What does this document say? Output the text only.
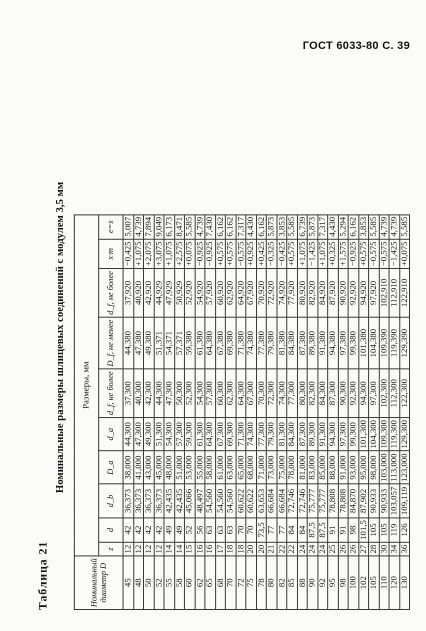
ГОСТ 6033-80 С. 39
Таблица 21
Номинальные размеры шлицевых соединений с модулем 3,5 мм
Номинальный диаметр D	Размеры, мм									
	z	d	d_b	D_a	d_a	d_f, не более	D_f, не менее	d_f, не более	x·m	e=s
45	12	42	36,373	38,000	44,300	37,300	44,380	37,920	−0,425	5,007
48	12	42	36,373	41,000	47,300	40,300	47,380	40,920	+1,075	4,739
50	12	42	36,373	43,000	49,300	42,300	49,380	42,920	+2,075	7,894
52	12	42	36,373	45,000	51,300	44,300	51,371	44,929	+3,075	9,049
55	14	49	42,435	48,000	54,300	47,300	54,371	47,929	+1,075	6,173
58	14	49	42,435	51,000	57,300	50,300	57,371	50,929	+2,575	8,471
60	15	52	45,066	53,000	59,300	52,300	59,380	52,920	+0,075	5,585
62	16	56	48,497	55,000	61,300	54,300	61,380	54,920	−0,925	4,739
65	16	63	54,560	58,000	64,300	57,300	64,380	57,920	−0,925	7,430
68	17	63	54,560	61,000	67,300	60,300	67,380	60,920	+0,575	6,162
70	18	63	54,560	63,000	69,300	62,300	69,380	62,920	+0,575	6,162
72	18	70	60,622	65,000	71,300	64,300	71,380	64,920	−0,575	7,317
75	20	70	60,622	68,000	74,300	67,300	74,380	67,920	+0,925	4,430
78	20	73,5	63,653	71,000	77,300	70,300	77,380	70,920	+0,425	6,162
80	21	77	66,684	73,000	79,300	72,300	79,380	72,920	−0,325	5,873
82	22	77	66,684	75,000	81,300	74,300	81,380	74,920	−0,425	3,853
85	22	84	72,746	78,000	84,300	77,300	84,380	77,920	+0,575	5,585
88	24	84	72,746	81,000	87,300	80,300	87,380	80,920	+1,075	6,739
90	24	87,5	75,777	83,000	89,300	82,300	89,380	82,920	−1,425	5,873
92	24	87,5	75,777	85,000	91,300	84,300	91,380	84,920	+1,075	7,317
95	25	91	78,808	88,000	94,300	87,300	94,380	87,920	+0,325	4,430
98	26	91	78,808	91,000	97,300	90,300	97,380	90,920	+1,575	5,294
100	26	98	84,870	93,000	99,300	92,300	99,380	92,920	−0,925	6,162
102	27	101,5	87,902	95,000	101,300	94,300	101,380	94,920	+0,575	3,853
105	28	105	90,933	98,000	104,300	97,300	104,380	97,920	−0,575	5,585
110	30	105	90,933	103,000	109,300	102,300	109,390	102,910	−0,575	4,739
120	34	119	103,057	113,000	119,300	112,300	119,390	112,910	−1,425	4,739
130	36	126	109,119	123,000	129,300	122,300	129,390	122,910	+0,075	5,585
